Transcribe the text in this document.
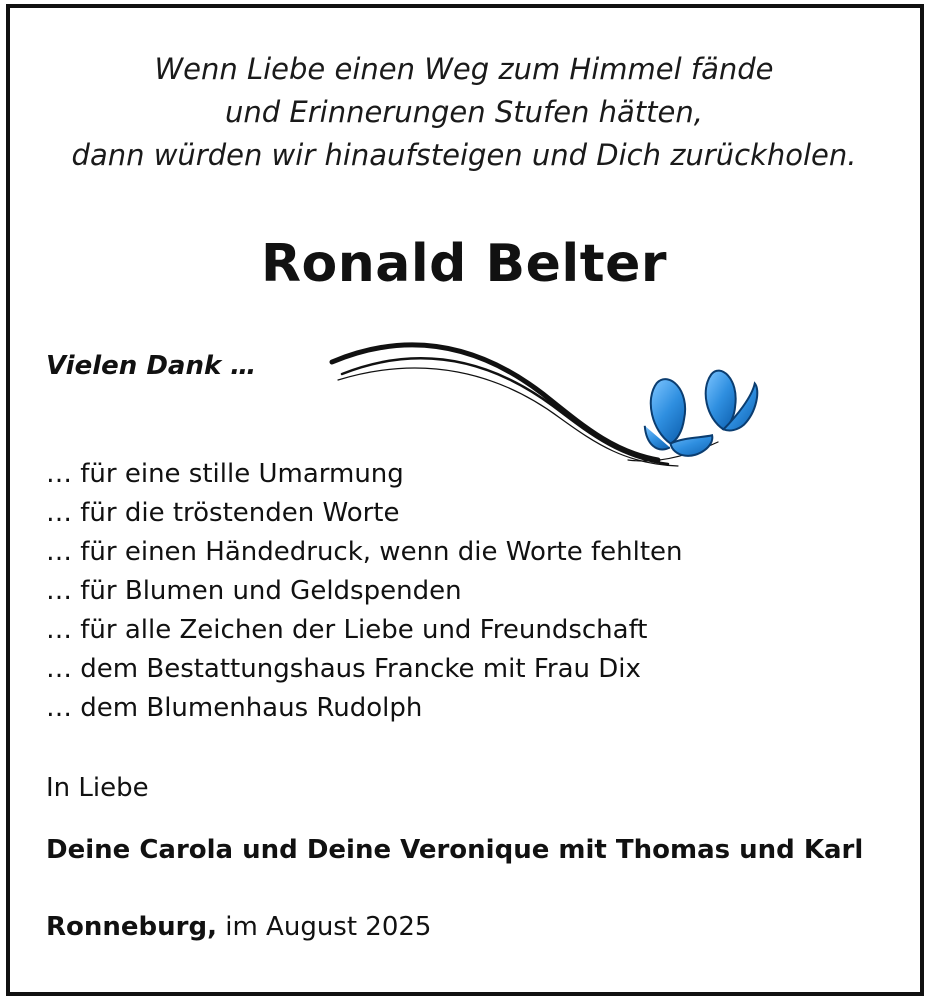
Wenn Liebe einen Weg zum Himmel fände
und Erinnerungen Stufen hätten,
dann würden wir hinaufsteigen und Dich zurückholen.
Ronald Belter
Vielen Dank …
… für eine stille Umarmung
… für die tröstenden Worte
… für einen Händedruck, wenn die Worte fehlten
… für Blumen und Geldspenden
… für alle Zeichen der Liebe und Freundschaft
… dem Bestattungshaus Francke mit Frau Dix
… dem Blumenhaus Rudolph
In Liebe
Deine Carola und Deine Veronique mit Thomas und Karl
Ronneburg, im August 2025
